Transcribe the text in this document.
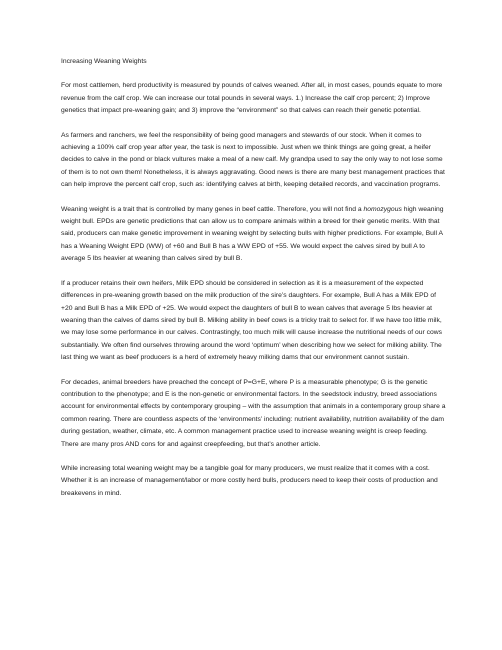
Increasing Weaning Weights

For most cattlemen, herd productivity is measured by pounds of calves weaned. After all, in most cases, pounds equate to more revenue from the calf crop. We can increase our total pounds in several ways. 1.) Increase the calf crop percent; 2) Improve genetics that impact pre-weaning gain; and 3) improve the “environment” so that calves can reach their genetic potential.

As farmers and ranchers, we feel the responsibility of being good managers and stewards of our stock. When it comes to achieving a 100% calf crop year after year, the task is next to impossible. Just when we think things are going great, a heifer decides to calve in the pond or black vultures make a meal of a new calf. My grandpa used to say the only way to not lose some of them is to not own them! Nonetheless, it is always aggravating. Good news is there are many best management practices that can help improve the percent calf crop, such as: identifying calves at birth, keeping detailed records, and vaccination programs.

Weaning weight is a trait that is controlled by many genes in beef cattle. Therefore, you will not find a homozygous high weaning weight bull. EPDs are genetic predictions that can allow us to compare animals within a breed for their genetic merits. With that said, producers can make genetic improvement in weaning weight by selecting bulls with higher predictions. For example, Bull A has a Weaning Weight EPD (WW) of +60 and Bull B has a WW EPD of +55. We would expect the calves sired by bull A to average 5 lbs heavier at weaning than calves sired by bull B.

If a producer retains their own heifers, Milk EPD should be considered in selection as it is a measurement of the expected differences in pre-weaning growth based on the milk production of the sire’s daughters. For example, Bull A has a Milk EPD of +20 and Bull B has a Milk EPD of +25. We would expect the daughters of bull B to wean calves that average 5 lbs heavier at weaning than the calves of dams sired by bull B. Milking ability in beef cows is a tricky trait to select for. If we have too little milk, we may lose some performance in our calves. Contrastingly, too much milk will cause increase the nutritional needs of our cows substantially. We often find ourselves throwing around the word ‘optimum’ when describing how we select for milking ability. The last thing we want as beef producers is a herd of extremely heavy milking dams that our environment cannot sustain.

For decades, animal breeders have preached the concept of P=G+E, where P is a measurable phenotype; G is the genetic contribution to the phenotype; and E is the non-genetic or environmental factors. In the seedstock industry, breed associations account for environmental effects by contemporary grouping – with the assumption that animals in a contemporary group share a common rearing. There are countless aspects of the ‘environments’ including: nutrient availability, nutrition availability of the dam during gestation, weather, climate, etc. A common management practice used to increase weaning weight is creep feeding. There are many pros AND cons for and against creepfeeding, but that’s another article.

While increasing total weaning weight may be a tangible goal for many producers, we must realize that it comes with a cost. Whether it is an increase of management/labor or more costly herd bulls, producers need to keep their costs of production and breakevens in mind.
